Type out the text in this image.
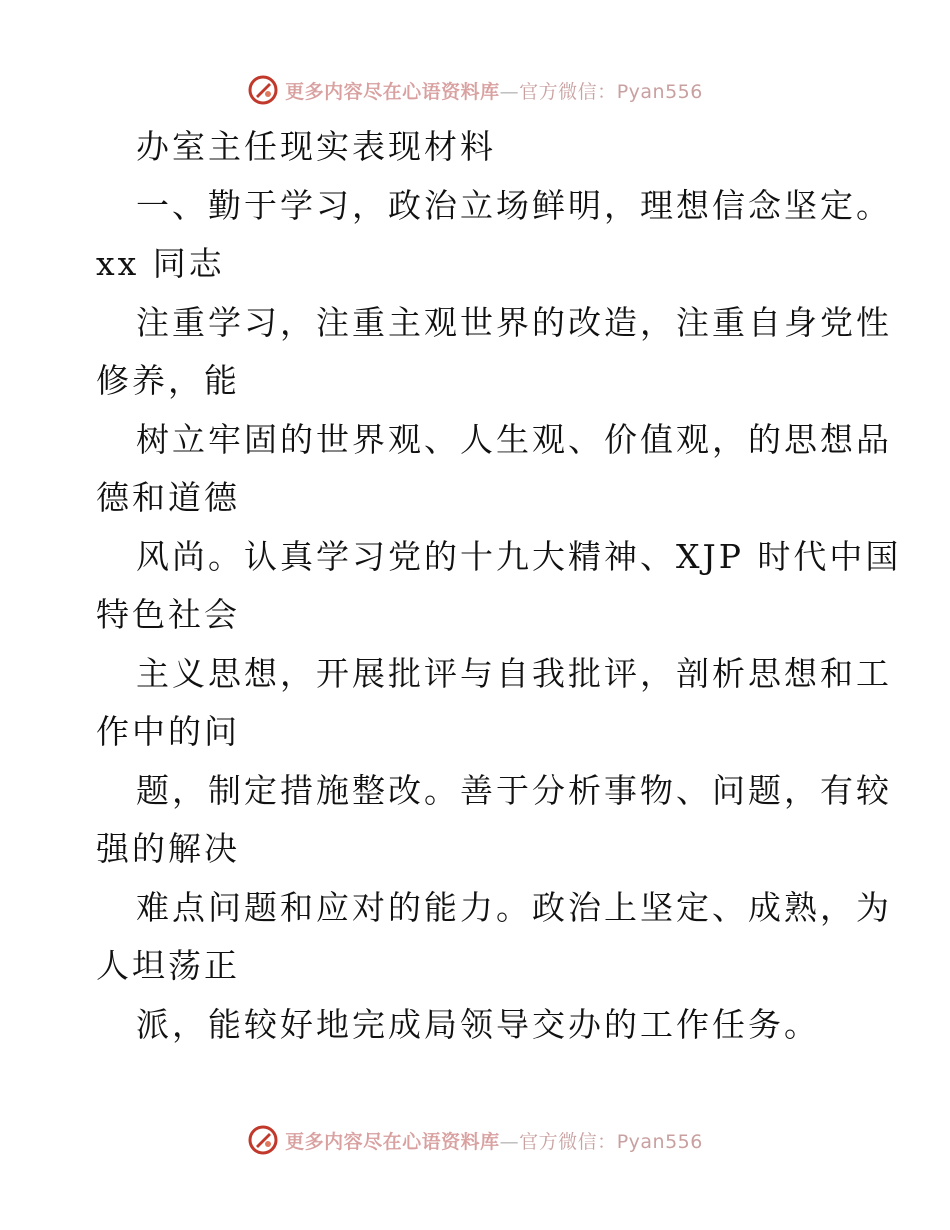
更多内容尽在心语资料库—官方微信：Pyan556
办室主任现实表现材料
一、勤于学习，政治立场鲜明，理想信念坚定。
xx 同志
注重学习，注重主观世界的改造，注重自身党性
修养，能
树立牢固的世界观、人生观、价值观，的思想品
德和道德
风尚。认真学习党的十九大精神、XJP 时代中国
特色社会
主义思想，开展批评与自我批评，剖析思想和工
作中的问
题，制定措施整改。善于分析事物、问题，有较
强的解决
难点问题和应对的能力。政治上坚定、成熟，为
人坦荡正
派，能较好地完成局领导交办的工作任务。
更多内容尽在心语资料库—官方微信：Pyan556
